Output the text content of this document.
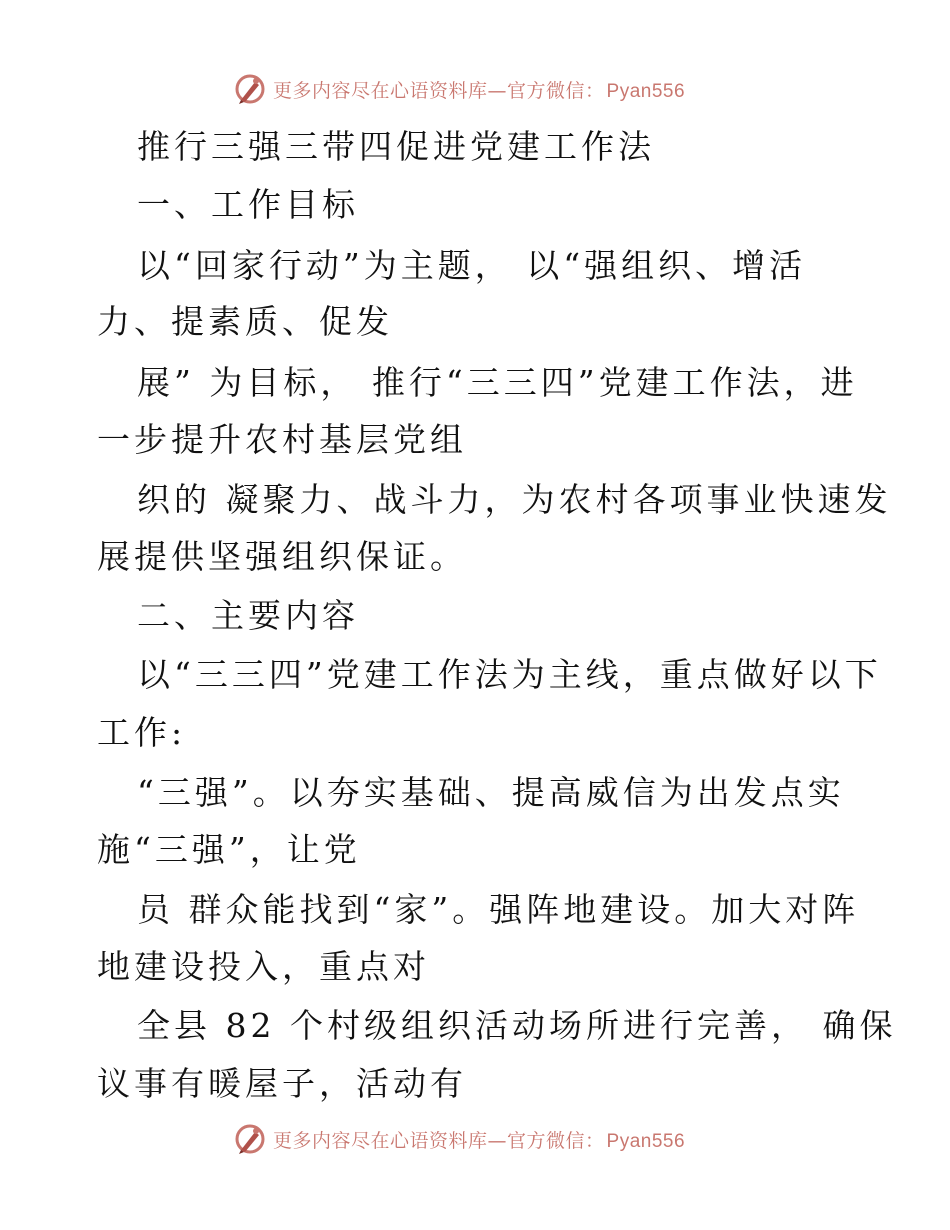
更多内容尽在心语资料库—官方微信： Pyan556
推行三强三带四促进党建工作法
一、工作目标
以“回家行动”为主题， 以“强组织、增活
力、提素质、促发
展” 为目标， 推行“三三四”党建工作法，进
一步提升农村基层党组
织的 凝聚力、战斗力，为农村各项事业快速发
展提供坚强组织保证。
二、主要内容
以“三三四”党建工作法为主线，重点做好以下
工作:
“三强”。以夯实基础、提高威信为出发点实
施“三强”，让党
员 群众能找到“家”。强阵地建设。加大对阵
地建设投入，重点对
全县 82 个村级组织活动场所进行完善， 确保
议事有暖屋子，活动有
更多内容尽在心语资料库—官方微信： Pyan556
